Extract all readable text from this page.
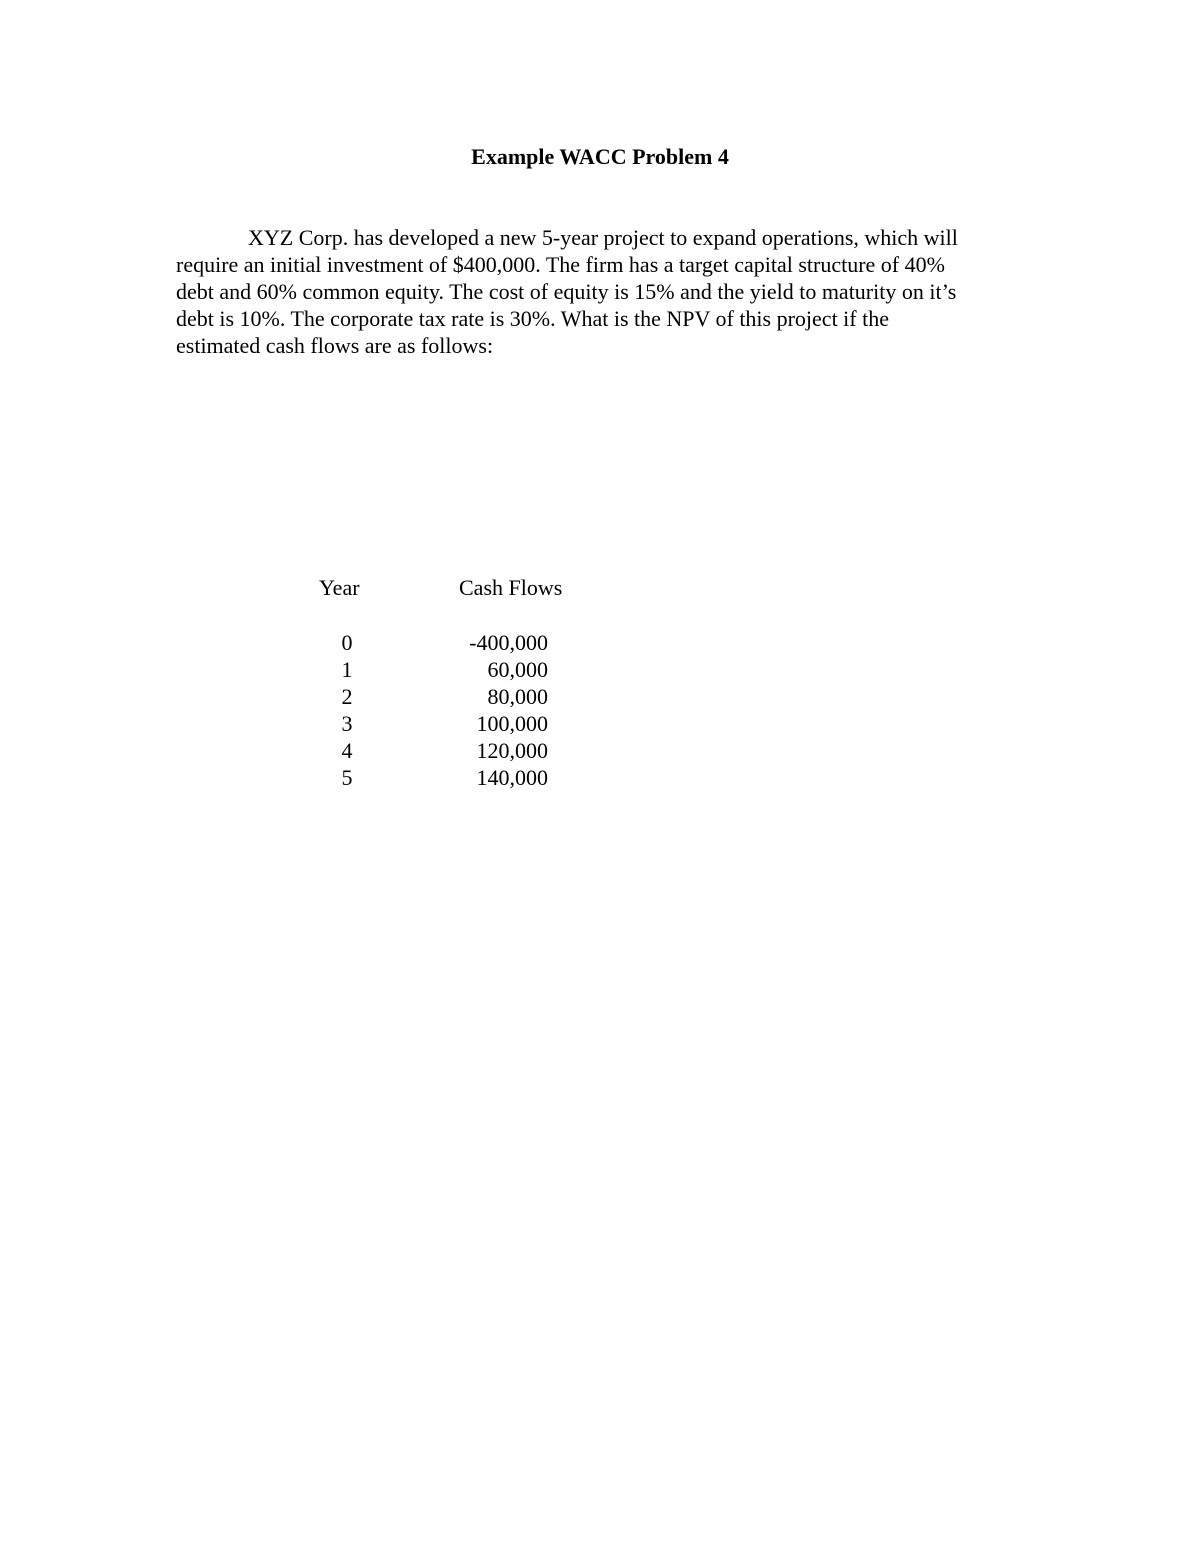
Example WACC Problem 4

XYZ Corp. has developed a new 5-year project to expand operations, which will
require an initial investment of $400,000. The firm has a target capital structure of 40%
debt and 60% common equity. The cost of equity is 15% and the yield to maturity on it’s
debt is 10%. The corporate tax rate is 30%. What is the NPV of this project if the
estimated cash flows are as follows:

Year	Cash Flows
0	-400,000
1	60,000
2	80,000
3	100,000
4	120,000
5	140,000
